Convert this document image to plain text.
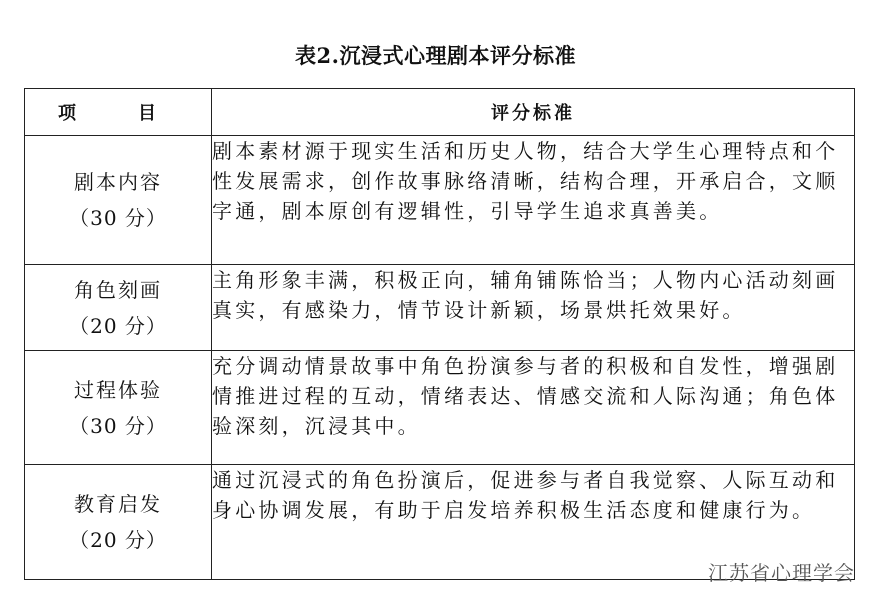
表2.沉浸式心理剧本评分标准
项　目	评分标准

剧本内容
（30 分）	剧本素材源于现实生活和历史人物，结合大学生心理特点和个性发展需求，创作故事脉络清晰，结构合理，开承启合，文顺字通，剧本原创有逻辑性，引导学生追求真善美。

角色刻画
（20 分）	主角形象丰满，积极正向，辅角铺陈恰当；人物内心活动刻画真实，有感染力，情节设计新颖，场景烘托效果好。

过程体验
（30 分）	充分调动情景故事中角色扮演参与者的积极和自发性，增强剧情推进过程的互动，情绪表达、情感交流和人际沟通；角色体验深刻，沉浸其中。

教育启发
（20 分）	通过沉浸式的角色扮演后，促进参与者自我觉察、人际互动和身心协调发展，有助于启发培养积极生活态度和健康行为。
江苏省心理学会
